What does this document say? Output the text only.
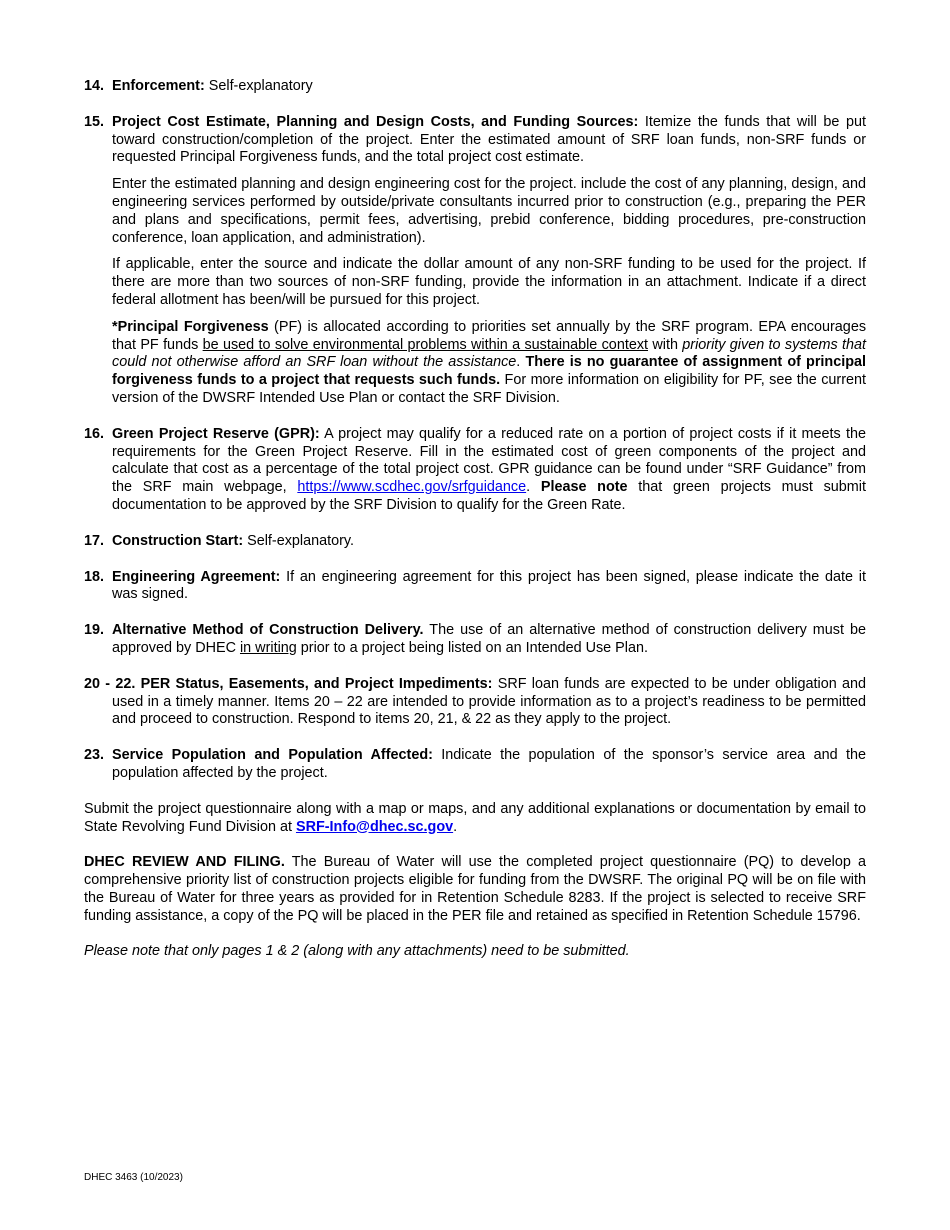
14. Enforcement: Self-explanatory

15. Project Cost Estimate, Planning and Design Costs, and Funding Sources: Itemize the funds that will be put toward construction/completion of the project. Enter the estimated amount of SRF loan funds, non-SRF funds or requested Principal Forgiveness funds, and the total project cost estimate.

Enter the estimated planning and design engineering cost for the project. include the cost of any planning, design, and engineering services performed by outside/private consultants incurred prior to construction (e.g., preparing the PER and plans and specifications, permit fees, advertising, prebid conference, bidding procedures, pre-construction conference, loan application, and administration).

If applicable, enter the source and indicate the dollar amount of any non-SRF funding to be used for the project. If there are more than two sources of non-SRF funding, provide the information in an attachment. Indicate if a direct federal allotment has been/will be pursued for this project.

*Principal Forgiveness (PF) is allocated according to priorities set annually by the SRF program. EPA encourages that PF funds be used to solve environmental problems within a sustainable context with priority given to systems that could not otherwise afford an SRF loan without the assistance. There is no guarantee of assignment of principal forgiveness funds to a project that requests such funds. For more information on eligibility for PF, see the current version of the DWSRF Intended Use Plan or contact the SRF Division.

16. Green Project Reserve (GPR): A project may qualify for a reduced rate on a portion of project costs if it meets the requirements for the Green Project Reserve. Fill in the estimated cost of green components of the project and calculate that cost as a percentage of the total project cost. GPR guidance can be found under “SRF Guidance” from the SRF main webpage, https://www.scdhec.gov/srfguidance. Please note that green projects must submit documentation to be approved by the SRF Division to qualify for the Green Rate.

17. Construction Start: Self-explanatory.

18. Engineering Agreement: If an engineering agreement for this project has been signed, please indicate the date it was signed.

19. Alternative Method of Construction Delivery. The use of an alternative method of construction delivery must be approved by DHEC in writing prior to a project being listed on an Intended Use Plan.

20 - 22. PER Status, Easements, and Project Impediments: SRF loan funds are expected to be under obligation and used in a timely manner. Items 20 – 22 are intended to provide information as to a project’s readiness to be permitted and proceed to construction. Respond to items 20, 21, & 22 as they apply to the project.

23. Service Population and Population Affected: Indicate the population of the sponsor’s service area and the population affected by the project.

Submit the project questionnaire along with a map or maps, and any additional explanations or documentation by email to State Revolving Fund Division at SRF-Info@dhec.sc.gov.

DHEC REVIEW AND FILING. The Bureau of Water will use the completed project questionnaire (PQ) to develop a comprehensive priority list of construction projects eligible for funding from the DWSRF. The original PQ will be on file with the Bureau of Water for three years as provided for in Retention Schedule 8283. If the project is selected to receive SRF funding assistance, a copy of the PQ will be placed in the PER file and retained as specified in Retention Schedule 15796.

Please note that only pages 1 & 2 (along with any attachments) need to be submitted.

DHEC 3463 (10/2023)
